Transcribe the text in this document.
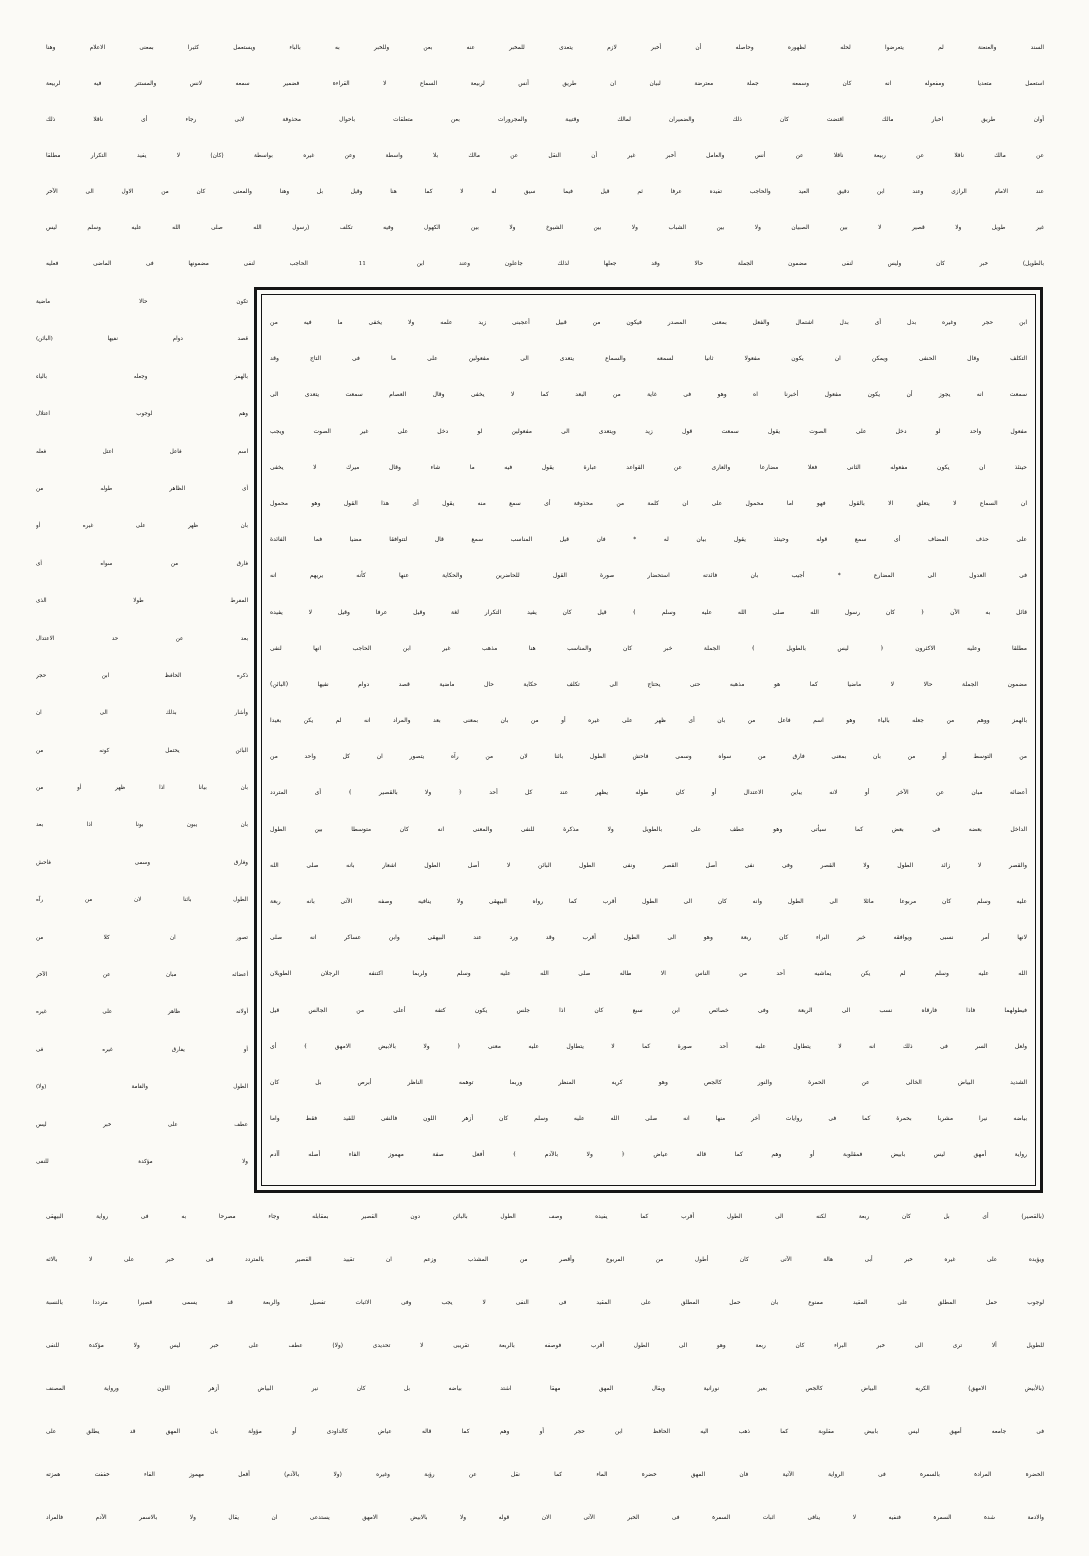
السند والعنعنة لم يتعرضوا لحله لظهوره وحاصله أن أخبر لازم يتعدى للمخبر عنه بعن وللخبر به بالباء ويستعمل كثيرا بمعنى الاعلام وهنا
استعمل متعديا ومفعوله انه كان وسمعه جملة معترضة لبيان ان طريق أنس لربيعة السماع لا القراءة فضمير سمعه لانس والمستتر فيه لربيعة
أوان طريق اخبار مالك اقتضت كان ذلك والضميران لمالك وقتيبة والمجرورات بعن متعلقات باحوال محذوفة لابى رجاء أى ناقلا ذلك
عن مالك ناقلا عن ربيعة ناقلا عن أنس والعامل أخبر غير أن النقل عن مالك بلا واسطة وعن غيره بواسطة (كان) لا يفيد التكرار مطلقا
عند الامام الرازى وعند ابن دقيق العيد والحاجب تفيده عرفا ثم قيل فيما سيق له لا كما هنا وقيل بل وهنا والمعنى كان من الاول الى الآخر
غير طويل ولا قصير لا بين الصبيان ولا بين الشباب ولا بين الشيوخ ولا بين الكهول وفيه تكلف (رسول الله صلى الله عليه وسلم ليس
بالطويل) خبر كان وليس لنفى مضمون الجملة حالا وقد جعلها لذلك جاعلون وعند ابن 11 الحاجب لنفى مضمونها فى الماضى فعليه
ابن حجر وغيره بدل أى بدل اشتمال والفعل بمعنى المصدر فيكون من قبيل أعجبنى زيد علمه ولا يخفى ما فيه من
التكلف وقال الحنفى ويمكن ان يكون مفعولا ثانيا لسمعه والسماع يتعدى الى مفعولين على ما فى التاج وقد
سمعت انه يجوز أن يكون مفعول أخبرنا اه وهو فى غاية من البعد كما لا يخفى وقال العصام سمعت يتعدى الى
مفعول واحد لو دخل على الصوت يقول سمعت قول زيد ويتعدى الى مفعولين لو دخل على غير الصوت ويجب
حينئذ ان يكون مفعوله الثانى فعلا مضارعا والعارى عن القواعد عبارة يقول فيه ما شاء وقال ميرك لا يخفى
ان السماع لا يتعلق الا بالقول فهو اما محمول على ان كلمة من محذوفة أى سمع منه يقول أى هذا القول وهو محمول
على حذف المضاف أى سمع قوله وحينئذ يقول بيان له * فان قيل المناسب سمع قال لتتوافقا مضيا فما الفائدة
فى العدول الى المضارع * أجيب بان فائدته استحضار صورة القول للحاضرين والحكاية عنها كأنه يريهم انه
قائل به الآن ﴿ كان رسول الله صلى الله عليه وسلم ﴾ قيل كان يفيد التكرار لغة وقيل عرفا وقيل لا يفيده
مطلقا وعليه الاكثرون ﴿ ليس بالطويل ﴾ الجملة خبر كان والمناسب هنا مذهب غير ابن الحاجب انها لنفى
مضمون الجملة حالا لا ماضيا كما هو مذهبه حتى يحتاج الى تكلف حكاية حال ماضية قصد دوام نفيها (البائن)
بالهمز ووهم من جعله بالياء وهو اسم فاعل من بان أى ظهر على غيره أو من بان بمعنى بعد والمراد انه لم يكن بعيدا
من التوسط أو من بان بمعنى فارق من سواه وسمى فاحش الطول بائنا لان من رآه يتصور ان كل واحد من
أعضائه مبان عن الآخر أو لانه يباين الاعتدال أو كان طوله يظهر عند كل أحد ﴿ ولا بالقصير ﴾ أى المتردد
الداخل بعضه فى بعض كما سيأتى وهو عطف على بالطويل ولا مذكرة للنفى والمعنى انه كان متوسطا بين الطول
والقصر لا زائد الطول ولا القصر وفى نفى أصل القصر ونفى الطول البائن لا أصل الطول اشعار بانه صلى الله
عليه وسلم كان مربوعا مائلا الى الطول وانه كان الى الطول أقرب كما رواه البيهقى ولا ينافيه وصفه الآتى بانه ربعة
لانها أمر نسبى ويوافقه خبر البراء كان ربعة وهو الى الطول أقرب وقد ورد عند البيهقى وابن عساكر انه صلى
الله عليه وسلم لم يكن يماشيه أحد من الناس الا طاله صلى الله عليه وسلم ولربما اكتنفه الرجلان الطويلان
فيطولهما فاذا فارقاه نسب الى الربعة وفى خصائص ابن سبع كان اذا جلس يكون كتفه أعلى من الجالس قيل
ولعل السر فى ذلك انه لا يتطاول عليه أحد صورة كما لا يتطاول عليه معنى ﴿ ولا بالابيض الامهق ﴾ أى
الشديد البياض الخالى عن الحمرة والنور كالجص وهو كريه المنظر وربما توهمه الناظر أبرص بل كان
بياضه نيرا مشربا بحمرة كما فى روايات أخر منها انه صلى الله عليه وسلم كان أزهر اللون فالنفى للقيد فقط واما
رواية أمهق ليس بابيض فمقلوبة أو وهم كما قاله عياض ﴿ ولا بالآدم ﴾ أفعل صفة مهموز الفاء أصله أأدم
تكون حالا ماضية
قصد دوام نفيها (البائن)
بالهمز وجعله بالياء
وهم لوجوب اعتلال
اسم فاعل اعتل فعله
أى الظاهر طوله من
بان ظهر على غيره أو
فارق من سواه أى
المفرط طولا الذى
بعد عن حد الاعتدال
ذكره الحافظ ابن حجر
وأشار بذلك الى ان
البائن يحتمل كونه من
بان بيانا اذا ظهر أو من
بان يبون بونا اذا بعد
وفارق وسمى فاحش
الطول بائنا لان من رآه
تصور ان كلا من
أعضائه مبان عن الآخر
أولانه ظاهر على غيره
أو يفارق غيره فى
الطول والقامة (ولا)
عطف على خبر ليس
ولا مؤكدة للنفى
(بالقصير) أى بل كان ربعة لكنه الى الطول أقرب كما يفيده وصف الطول بالبائن دون القصير بمقابله وجاء مصرحا به فى رواية البيهقى
ويؤيده على غيره خبر أبى هالة الآتى كان أطول من المربوع وأقصر من المشذب وزعم ان تقييد القصير بالمتردد فى خبر على لا بالائه
لوجوب حمل المطلق على المقيد ممنوع بان حمل المطلق على المقيد فى النفى لا يجب وفى الاثبات تفصيل والربعة قد يسمى قصيرا مترددا بالنسبة
للطويل ألا ترى الى خبر البراء كان ربعة وهو الى الطول أقرب فوصفه بالربعة تقريبى لا تحديدى (ولا) عطف على خبر ليس ولا مؤكدة للنفى
(بالأبيض الامهق) الكريه البياض كالجص بغير نورانية ويقال المهق مهقا اشتد بياضه بل كان نير البياض أزهر اللون ورواية المصنف
فى جامعه أمهق ليس بابيض مقلوبة كما ذهب اليه الحافظ ابن حجر أو وهم كما قاله عياض كالداودى أو مؤولة بان المهق قد يطلق على
الخضرة المرادة بالسمرة فى الرواية الآتية فان المهق خضرة الماء كما نقل عن رؤبة وغيره (ولا بالآدم) أفعل مهموز الفاء خففت همزته
والادمة شدة السمرة فنفيه لا ينافى اثبات السمرة فى الخبر الآتى الان قوله ولا بالابيض الامهق يستدعى ان يقال ولا بالاسمر الآدم فالمراد
